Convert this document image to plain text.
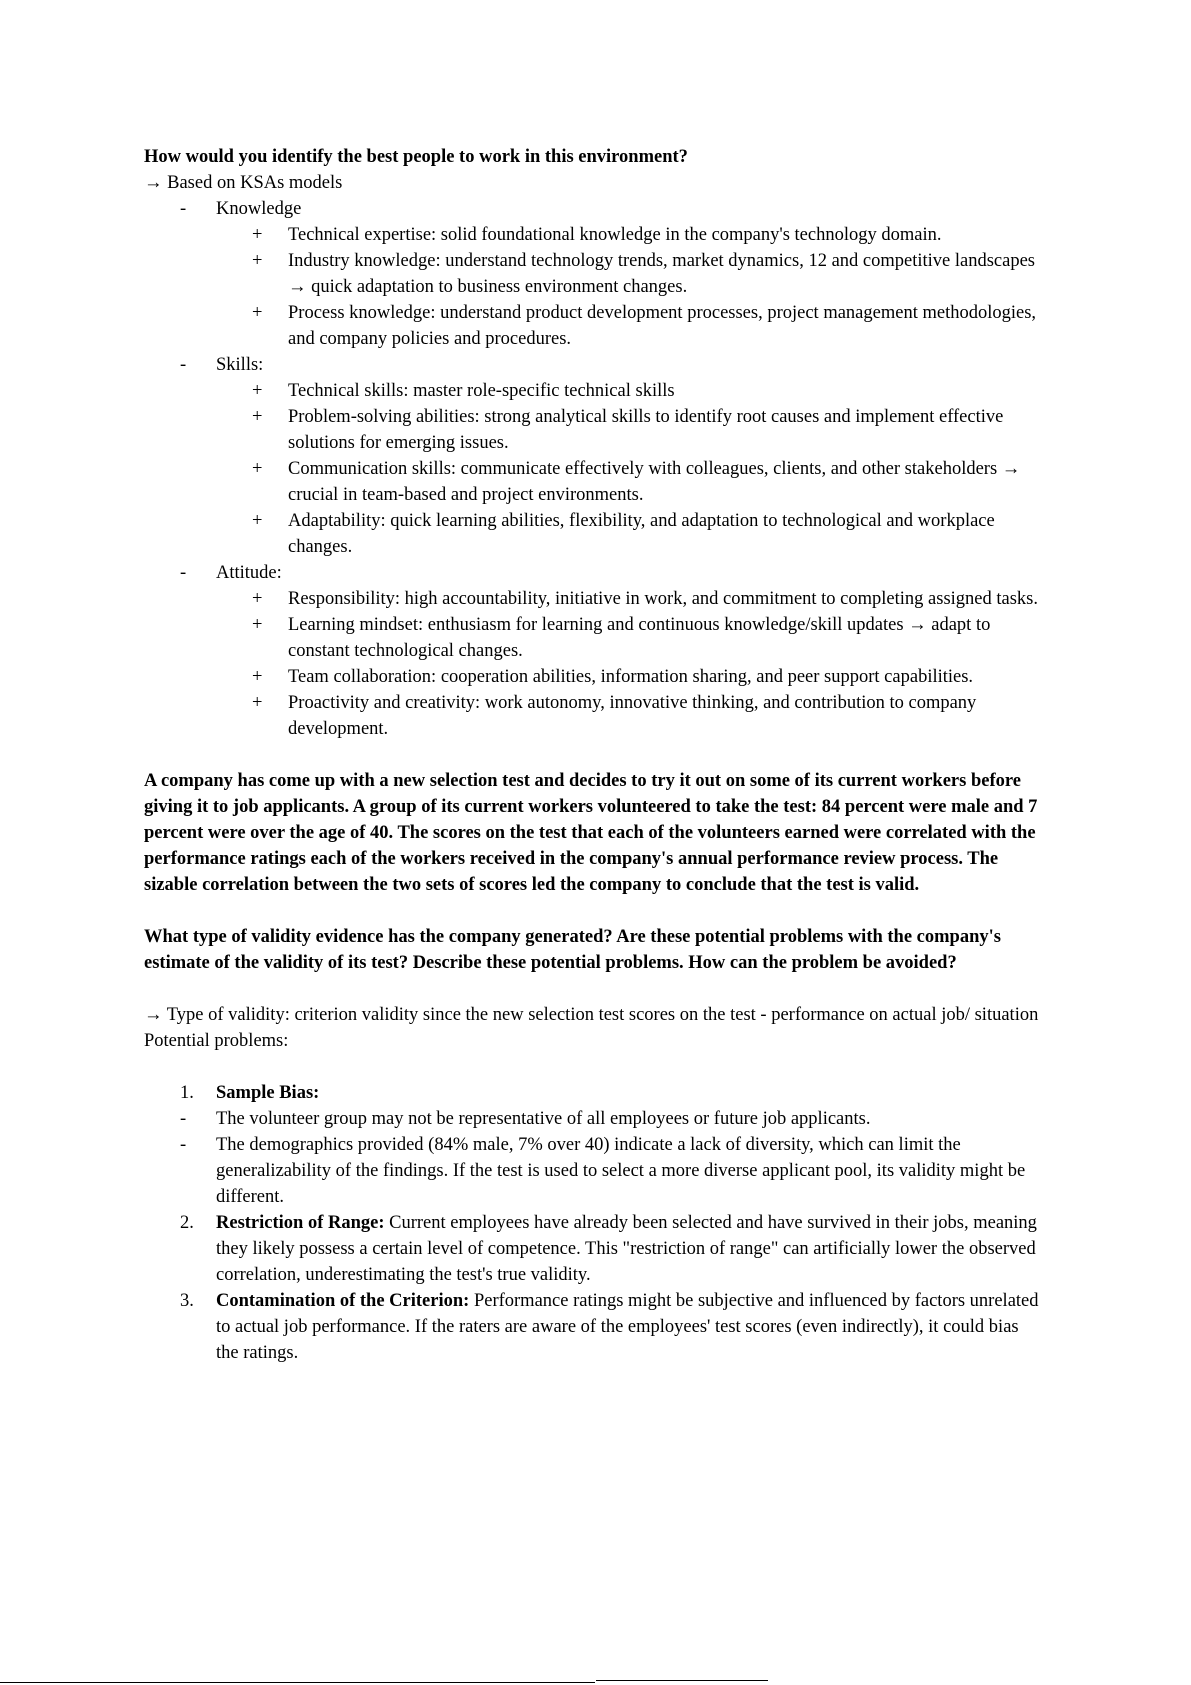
How would you identify the best people to work in this environment?

→ Based on KSAs models

-	Knowledge
+	Technical expertise: solid foundational knowledge in the company's technology domain.
+	Industry knowledge: understand technology trends, market dynamics, 12 and competitive landscapes → quick adaptation to business environment changes.
+	Process knowledge: understand product development processes, project management methodologies, and company policies and procedures.
-	Skills:
+	Technical skills: master role-specific technical skills
+	Problem-solving abilities: strong analytical skills to identify root causes and implement effective solutions for emerging issues.
+	Communication skills: communicate effectively with colleagues, clients, and other stakeholders → crucial in team-based and project environments.
+	Adaptability: quick learning abilities, flexibility, and adaptation to technological and workplace changes.
-	Attitude:
+	Responsibility: high accountability, initiative in work, and commitment to completing assigned tasks.
+	Learning mindset: enthusiasm for learning and continuous knowledge/skill updates → adapt to constant technological changes.
+	Team collaboration: cooperation abilities, information sharing, and peer support capabilities.
+	Proactivity and creativity: work autonomy, innovative thinking, and contribution to company development.

A company has come up with a new selection test and decides to try it out on some of its current workers before giving it to job applicants. A group of its current workers volunteered to take the test: 84 percent were male and 7 percent were over the age of 40. The scores on the test that each of the volunteers earned were correlated with the performance ratings each of the workers received in the company's annual performance review process. The sizable correlation between the two sets of scores led the company to conclude that the test is valid.

What type of validity evidence has the company generated? Are these potential problems with the company's estimate of the validity of its test? Describe these potential problems. How can the problem be avoided?

→ Type of validity: criterion validity since the new selection test scores on the test - performance on actual job/ situation

Potential problems:

1.	Sample Bias:
-	The volunteer group may not be representative of all employees or future job applicants.
-	The demographics provided (84% male, 7% over 40) indicate a lack of diversity, which can limit the generalizability of the findings. If the test is used to select a more diverse applicant pool, its validity might be different.
2.	Restriction of Range: Current employees have already been selected and have survived in their jobs, meaning they likely possess a certain level of competence. This "restriction of range" can artificially lower the observed correlation, underestimating the test's true validity.
3.	Contamination of the Criterion: Performance ratings might be subjective and influenced by factors unrelated to actual job performance. If the raters are aware of the employees' test scores (even indirectly), it could bias the ratings.
